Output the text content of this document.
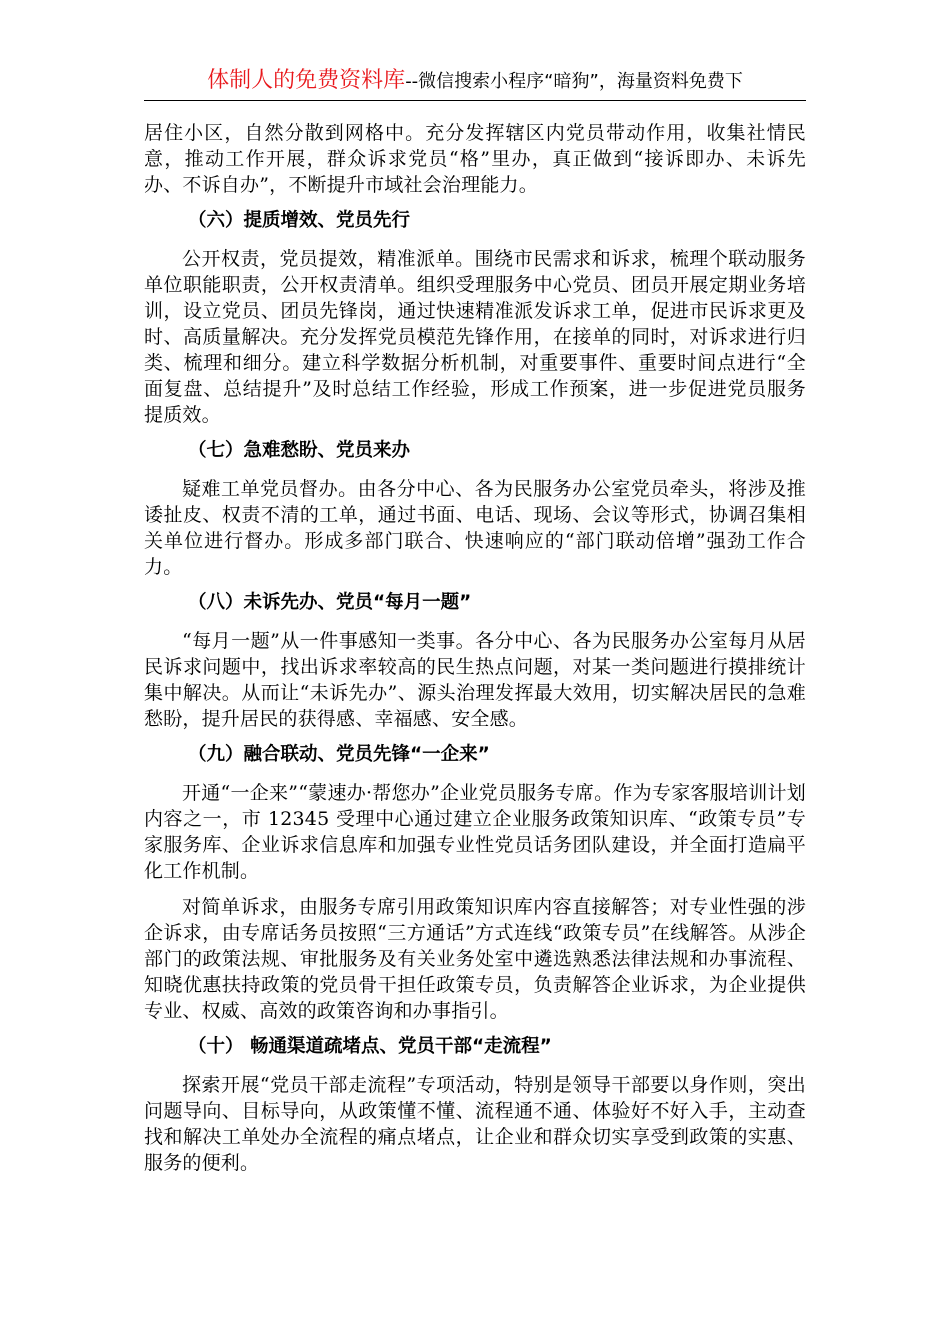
体制人的免费资料库--微信搜索小程序“暗狗”，海量资料免费下

居住小区，自然分散到网格中。充分发挥辖区内党员带动作用，收集社情民意，推动工作开展，群众诉求党员“格”里办，真正做到“接诉即办、未诉先办、不诉自办”，不断提升市域社会治理能力。

（六）提质增效、党员先行

公开权责，党员提效，精准派单。围绕市民需求和诉求，梳理个联动服务单位职能职责，公开权责清单。组织受理服务中心党员、团员开展定期业务培训，设立党员、团员先锋岗，通过快速精准派发诉求工单，促进市民诉求更及时、高质量解决。充分发挥党员模范先锋作用，在接单的同时，对诉求进行归类、梳理和细分。建立科学数据分析机制，对重要事件、重要时间点进行“全面复盘、总结提升”及时总结工作经验，形成工作预案，进一步促进党员服务提质效。

（七）急难愁盼、党员来办

疑难工单党员督办。由各分中心、各为民服务办公室党员牵头，将涉及推诿扯皮、权责不清的工单，通过书面、电话、现场、会议等形式，协调召集相关单位进行督办。形成多部门联合、快速响应的“部门联动倍增”强劲工作合力。

（八）未诉先办、党员“每月一题”

“每月一题”从一件事感知一类事。各分中心、各为民服务办公室每月从居民诉求问题中，找出诉求率较高的民生热点问题，对某一类问题进行摸排统计集中解决。从而让“未诉先办”、源头治理发挥最大效用，切实解决居民的急难愁盼，提升居民的获得感、幸福感、安全感。

（九）融合联动、党员先锋“一企来”

开通“一企来”“蒙速办·帮您办”企业党员服务专席。作为专家客服培训计划内容之一，市 12345 受理中心通过建立企业服务政策知识库、“政策专员”专家服务库、企业诉求信息库和加强专业性党员话务团队建设，并全面打造扁平化工作机制。

对简单诉求，由服务专席引用政策知识库内容直接解答；对专业性强的涉企诉求，由专席话务员按照“三方通话”方式连线“政策专员”在线解答。从涉企部门的政策法规、审批服务及有关业务处室中遴选熟悉法律法规和办事流程、知晓优惠扶持政策的党员骨干担任政策专员，负责解答企业诉求，为企业提供专业、权威、高效的政策咨询和办事指引。

（十） 畅通渠道疏堵点、党员干部“走流程”

探索开展“党员干部走流程”专项活动，特别是领导干部要以身作则，突出问题导向、目标导向，从政策懂不懂、流程通不通、体验好不好入手，主动查找和解决工单处办全流程的痛点堵点，让企业和群众切实享受到政策的实惠、服务的便利。
